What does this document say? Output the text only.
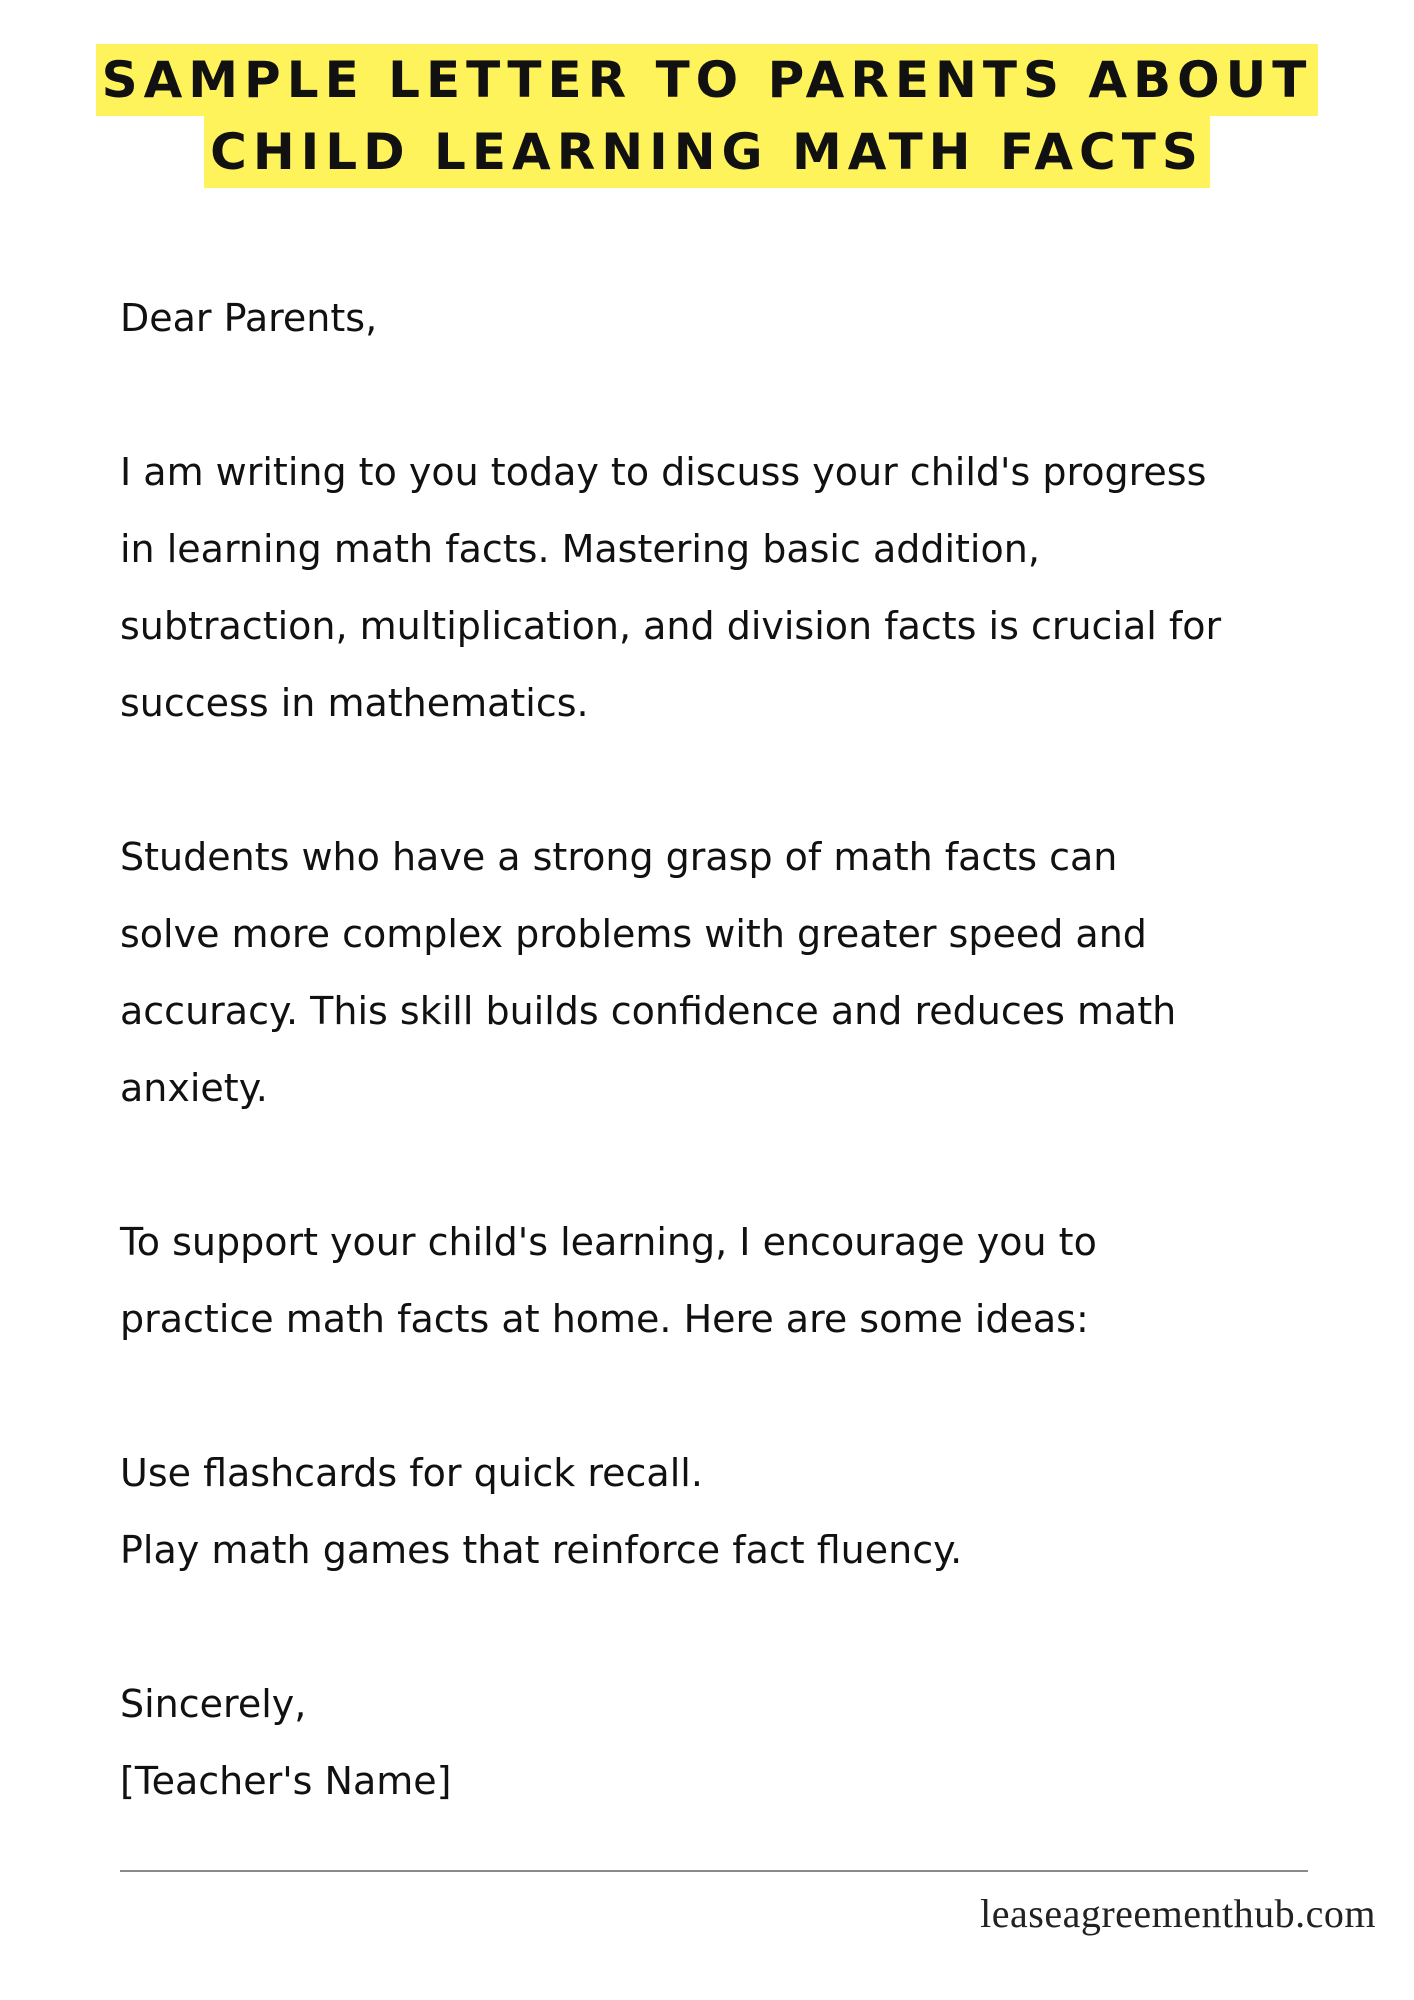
SAMPLE LETTER TO PARENTS ABOUT
CHILD LEARNING MATH FACTS

Dear Parents,

I am writing to you today to discuss your child's progress

in learning math facts. Mastering basic addition,

subtraction, multiplication, and division facts is crucial for

success in mathematics.

Students who have a strong grasp of math facts can

solve more complex problems with greater speed and

accuracy. This skill builds confidence and reduces math

anxiety.

To support your child's learning, I encourage you to

practice math facts at home. Here are some ideas:

Use flashcards for quick recall.

Play math games that reinforce fact fluency.

Sincerely,

[Teacher's Name]

leaseagreementhub.com
